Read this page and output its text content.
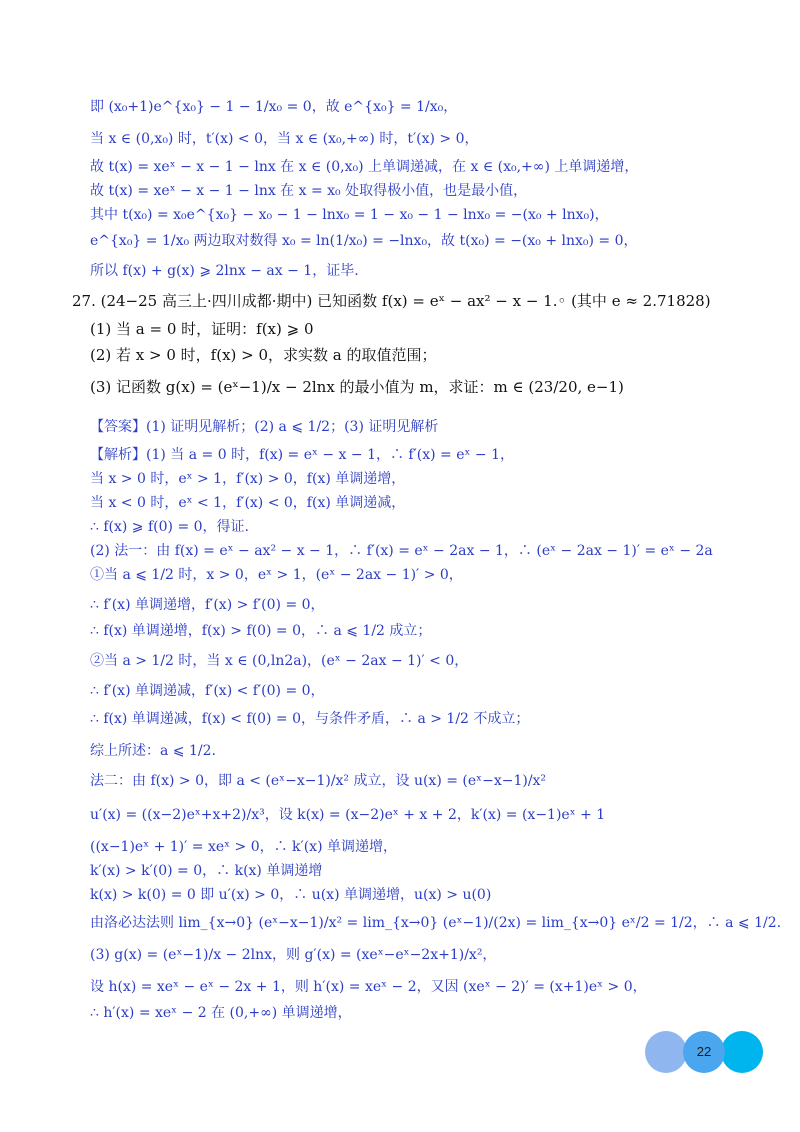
即 (x₀+1)e^{x₀} − 1 − 1/x₀ = 0，故 e^{x₀} = 1/x₀，
当 x ∈ (0,x₀) 时，t′(x) < 0，当 x ∈ (x₀,+∞) 时，t′(x) > 0，
故 t(x) = xeˣ − x − 1 − lnx 在 x ∈ (0,x₀) 上单调递减，在 x ∈ (x₀,+∞) 上单调递增，
故 t(x) = xeˣ − x − 1 − lnx 在 x = x₀ 处取得极小值，也是最小值，
其中 t(x₀) = x₀e^{x₀} − x₀ − 1 − lnx₀ = 1 − x₀ − 1 − lnx₀ = −(x₀ + lnx₀)，
e^{x₀} = 1/x₀ 两边取对数得 x₀ = ln(1/x₀) = −lnx₀，故 t(x₀) = −(x₀ + lnx₀) = 0，
所以 f(x) + g(x) ⩾ 2lnx − ax − 1，证毕.
27. (24−25 高三上·四川成都·期中) 已知函数 f(x) = eˣ − ax² − x − 1.◦ (其中 e ≈ 2.71828)
(1) 当 a = 0 时，证明：f(x) ⩾ 0
(2) 若 x > 0 时，f(x) > 0，求实数 a 的取值范围；
(3) 记函数 g(x) = (eˣ−1)/x − 2lnx 的最小值为 m，求证：m ∈ (23/20, e−1)
【答案】(1) 证明见解析；(2) a ⩽ 1/2；(3) 证明见解析
【解析】(1) 当 a = 0 时，f(x) = eˣ − x − 1，∴ f′(x) = eˣ − 1，
当 x > 0 时，eˣ > 1，f′(x) > 0，f(x) 单调递增，
当 x < 0 时，eˣ < 1，f′(x) < 0，f(x) 单调递减，
∴ f(x) ⩾ f(0) = 0，得证.
(2) 法一：由 f(x) = eˣ − ax² − x − 1，∴ f′(x) = eˣ − 2ax − 1，∴ (eˣ − 2ax − 1)′ = eˣ − 2a
①当 a ⩽ 1/2 时，x > 0，eˣ > 1，(eˣ − 2ax − 1)′ > 0，
∴ f′(x) 单调递增，f′(x) > f′(0) = 0，
∴ f(x) 单调递增，f(x) > f(0) = 0，∴ a ⩽ 1/2 成立；
②当 a > 1/2 时，当 x ∈ (0,ln2a)，(eˣ − 2ax − 1)′ < 0，
∴ f′(x) 单调递减，f′(x) < f′(0) = 0，
∴ f(x) 单调递减，f(x) < f(0) = 0，与条件矛盾，∴ a > 1/2 不成立；
综上所述：a ⩽ 1/2.
法二：由 f(x) > 0，即 a < (eˣ−x−1)/x² 成立，设 u(x) = (eˣ−x−1)/x²
u′(x) = ((x−2)eˣ+x+2)/x³，设 k(x) = (x−2)eˣ + x + 2，k′(x) = (x−1)eˣ + 1
((x−1)eˣ + 1)′ = xeˣ > 0，∴ k′(x) 单调递增，
k′(x) > k′(0) = 0，∴ k(x) 单调递增
k(x) > k(0) = 0 即 u′(x) > 0，∴ u(x) 单调递增，u(x) > u(0)
由洛必达法则 lim_{x→0} (eˣ−x−1)/x² = lim_{x→0} (eˣ−1)/(2x) = lim_{x→0} eˣ/2 = 1/2，∴ a ⩽ 1/2.
(3) g(x) = (eˣ−1)/x − 2lnx，则 g′(x) = (xeˣ−eˣ−2x+1)/x²，
设 h(x) = xeˣ − eˣ − 2x + 1，则 h′(x) = xeˣ − 2，又因 (xeˣ − 2)′ = (x+1)eˣ > 0，
∴ h′(x) = xeˣ − 2 在 (0,+∞) 单调递增，
22
